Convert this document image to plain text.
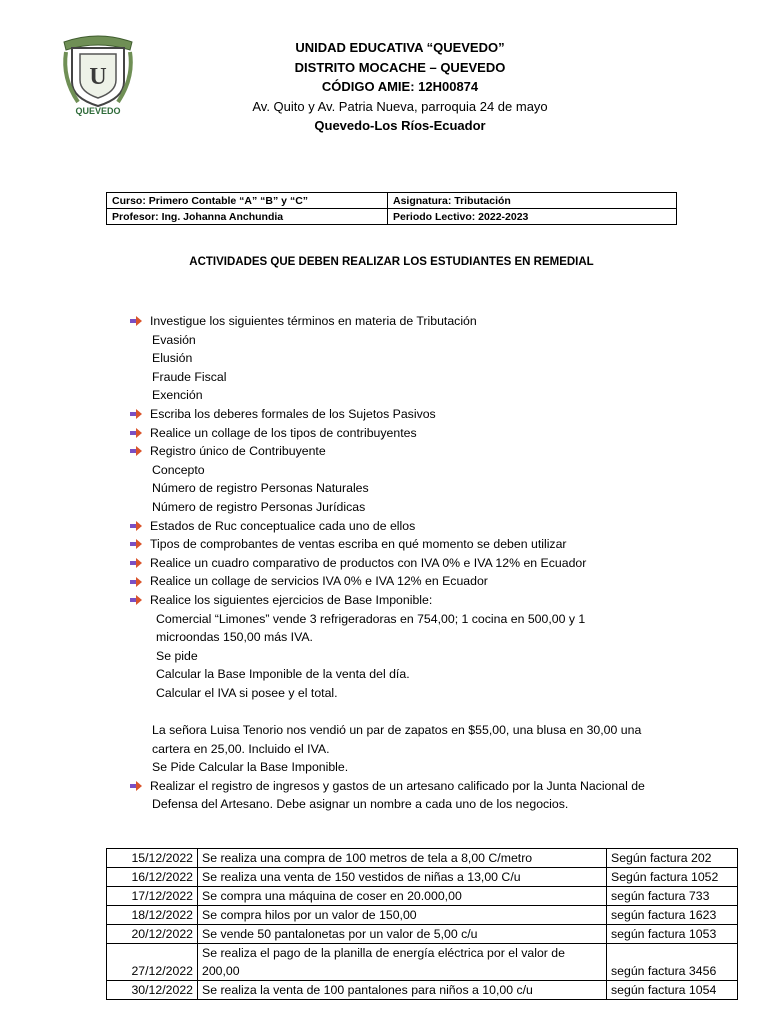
U
QUEVEDO
UNIDAD EDUCATIVA “QUEVEDO”
DISTRITO MOCACHE – QUEVEDO
CÓDIGO AMIE: 12H00874
Av. Quito y Av. Patria Nueva, parroquia 24 de mayo
Quevedo-Los Ríos-Ecuador
Curso: Primero Contable “A” “B” y “C”	Asignatura: Tributación
Profesor: Ing. Johanna Anchundia	Periodo Lectivo: 2022-2023
ACTIVIDADES QUE DEBEN REALIZAR LOS ESTUDIANTES EN REMEDIAL
Investigue los siguientes términos en materia de Tributación
Evasión
Elusión
Fraude Fiscal
Exención
Escriba los deberes formales de los Sujetos Pasivos
Realice un collage de los tipos de contribuyentes
Registro único de Contribuyente
Concepto
Número de registro Personas Naturales
Número de registro Personas Jurídicas
Estados de Ruc conceptualice cada uno de ellos
Tipos de comprobantes de ventas escriba en qué momento se deben utilizar
Realice un cuadro comparativo de productos con IVA 0% e IVA 12% en Ecuador
Realice un collage de servicios IVA 0% e IVA 12% en Ecuador
Realice los siguientes ejercicios de Base Imponible:
Comercial “Limones” vende 3 refrigeradoras en 754,00; 1 cocina en 500,00 y 1
microondas 150,00 más IVA.
Se pide
Calcular la Base Imponible de la venta del día.
Calcular el IVA si posee y el total.
La señora Luisa Tenorio nos vendió un par de zapatos en $55,00, una blusa en 30,00 una
cartera en 25,00. Incluido el IVA.
Se Pide Calcular la Base Imponible.
Realizar el registro de ingresos y gastos de un artesano calificado por la Junta Nacional de
Defensa del Artesano. Debe asignar un nombre a cada uno de los negocios.
15/12/2022	Se realiza una compra de 100 metros de tela a 8,00 C/metro	Según factura 202
16/12/2022	Se realiza una venta de 150 vestidos de niñas a 13,00 C/u	Según factura 1052
17/12/2022	Se compra una máquina de coser en 20.000,00	según factura 733
18/12/2022	Se compra hilos por un valor de 150,00	según factura 1623
20/12/2022	Se vende 50 pantalonetas por un valor de 5,00 c/u	según factura 1053
27/12/2022	Se realiza el pago de la planilla de energía eléctrica por el valor de 200,00	según factura 3456
30/12/2022	Se realiza la venta de 100 pantalones para niños a 10,00 c/u	según factura 1054
